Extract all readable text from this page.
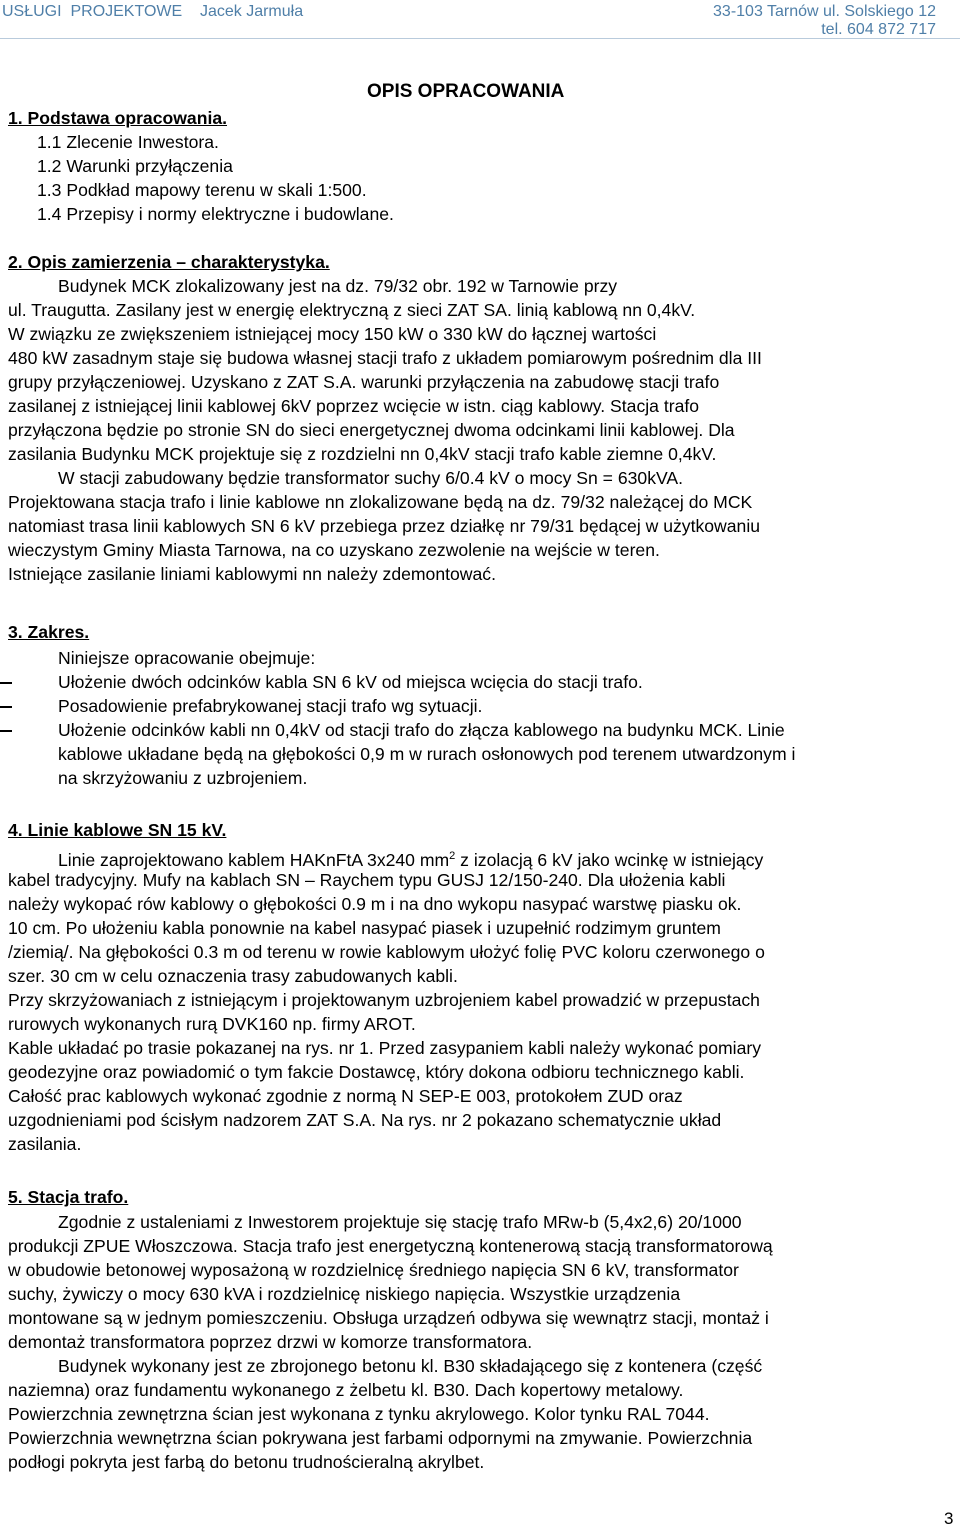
USŁUGI  PROJEKTOWE    Jacek Jarmuła	33-103 Tarnów ul. Solskiego 12
tel. 604 872 717
OPIS OPRACOWANIA
1. Podstawa opracowania.
1.1 Zlecenie Inwestora.
1.2 Warunki przyłączenia
1.3 Podkład mapowy terenu w skali 1:500.
1.4 Przepisy i normy elektryczne i budowlane.
2. Opis zamierzenia – charakterystyka.
Budynek MCK zlokalizowany jest na dz. 79/32 obr. 192 w Tarnowie przy
ul. Traugutta. Zasilany jest w energię elektryczną z sieci ZAT SA. linią kablową nn 0,4kV.
W związku ze zwiększeniem istniejącej mocy 150 kW o 330 kW do łącznej wartości
480 kW zasadnym staje się budowa własnej stacji trafo z układem pomiarowym pośrednim dla III
grupy przyłączeniowej. Uzyskano z ZAT S.A. warunki przyłączenia na zabudowę stacji trafo
zasilanej z istniejącej linii kablowej 6kV poprzez wcięcie w istn. ciąg kablowy. Stacja trafo
przyłączona będzie po stronie SN do sieci energetycznej dwoma odcinkami linii kablowej. Dla
zasilania Budynku MCK projektuje się z rozdzielni nn 0,4kV stacji trafo kable ziemne 0,4kV.
W stacji zabudowany będzie transformator suchy 6/0.4 kV o mocy Sn = 630kVA.
Projektowana stacja trafo i linie kablowe nn zlokalizowane będą na dz. 79/32 należącej do MCK
natomiast trasa linii kablowych SN 6 kV przebiega przez działkę nr 79/31 będącej w użytkowaniu
wieczystym Gminy Miasta Tarnowa, na co uzyskano zezwolenie na wejście w teren.
Istniejące zasilanie liniami kablowymi nn należy zdemontować.
3. Zakres.
Niniejsze opracowanie obejmuje:
Ułożenie dwóch odcinków kabla SN 6 kV od miejsca wcięcia do stacji trafo.
Posadowienie prefabrykowanej stacji trafo wg sytuacji.
Ułożenie odcinków kabli nn 0,4kV od stacji trafo do złącza kablowego na budynku MCK. Linie
kablowe układane będą na głębokości 0,9 m w rurach osłonowych pod terenem utwardzonym i
na skrzyżowaniu z uzbrojeniem.
4. Linie kablowe SN 15 kV.
Linie zaprojektowano kablem HAKnFtA 3x240 $mm^2$ z izolacją 6 kV jako wcinkę w istniejący
kabel tradycyjny. Mufy na kablach SN – Raychem typu GUSJ 12/150-240. Dla ułożenia kabli
należy wykopać rów kablowy o głębokości 0.9 m i na dno wykopu nasypać warstwę piasku ok.
10 cm. Po ułożeniu kabla ponownie na kabel nasypać piasek i uzupełnić rodzimym gruntem
/ziemią/. Na głębokości 0.3 m od terenu w rowie kablowym ułożyć folię PVC koloru czerwonego o
szer. 30 cm w celu oznaczenia trasy zabudowanych kabli.
Przy skrzyżowaniach z istniejącym i projektowanym uzbrojeniem kabel prowadzić w przepustach
rurowych wykonanych rurą DVK160 np. firmy AROT.
Kable układać po trasie pokazanej na rys. nr 1. Przed zasypaniem kabli należy wykonać pomiary
geodezyjne oraz powiadomić o tym fakcie Dostawcę, który dokona odbioru technicznego kabli.
Całość prac kablowych wykonać zgodnie z normą N SEP-E 003, protokołem ZUD oraz
uzgodnieniami pod ścisłym nadzorem ZAT S.A. Na rys. nr 2 pokazano schematycznie układ
zasilania.
5. Stacja trafo.
Zgodnie z ustaleniami z Inwestorem projektuje się stację trafo MRw-b (5,4x2,6) 20/1000
produkcji ZPUE Włoszczowa. Stacja trafo jest energetyczną kontenerową stacją transformatorową
w obudowie betonowej wyposażoną w rozdzielnicę średniego napięcia SN 6 kV, transformator
suchy, żywiczy o mocy 630 kVA i rozdzielnicę niskiego napięcia. Wszystkie urządzenia
montowane są w jednym pomieszczeniu. Obsługa urządzeń odbywa się wewnątrz stacji, montaż i
demontaż transformatora poprzez drzwi w komorze transformatora.
Budynek wykonany jest ze zbrojonego betonu kl. B30 składającego się z kontenera (część
naziemna) oraz fundamentu wykonanego z żelbetu kl. B30. Dach kopertowy metalowy.
Powierzchnia zewnętrzna ścian jest wykonana z tynku akrylowego. Kolor tynku RAL 7044.
Powierzchnia wewnętrzna ścian pokrywana jest farbami odpornymi na zmywanie. Powierzchnia
podłogi pokryta jest farbą do betonu trudnościeralną akrylbet.
3
